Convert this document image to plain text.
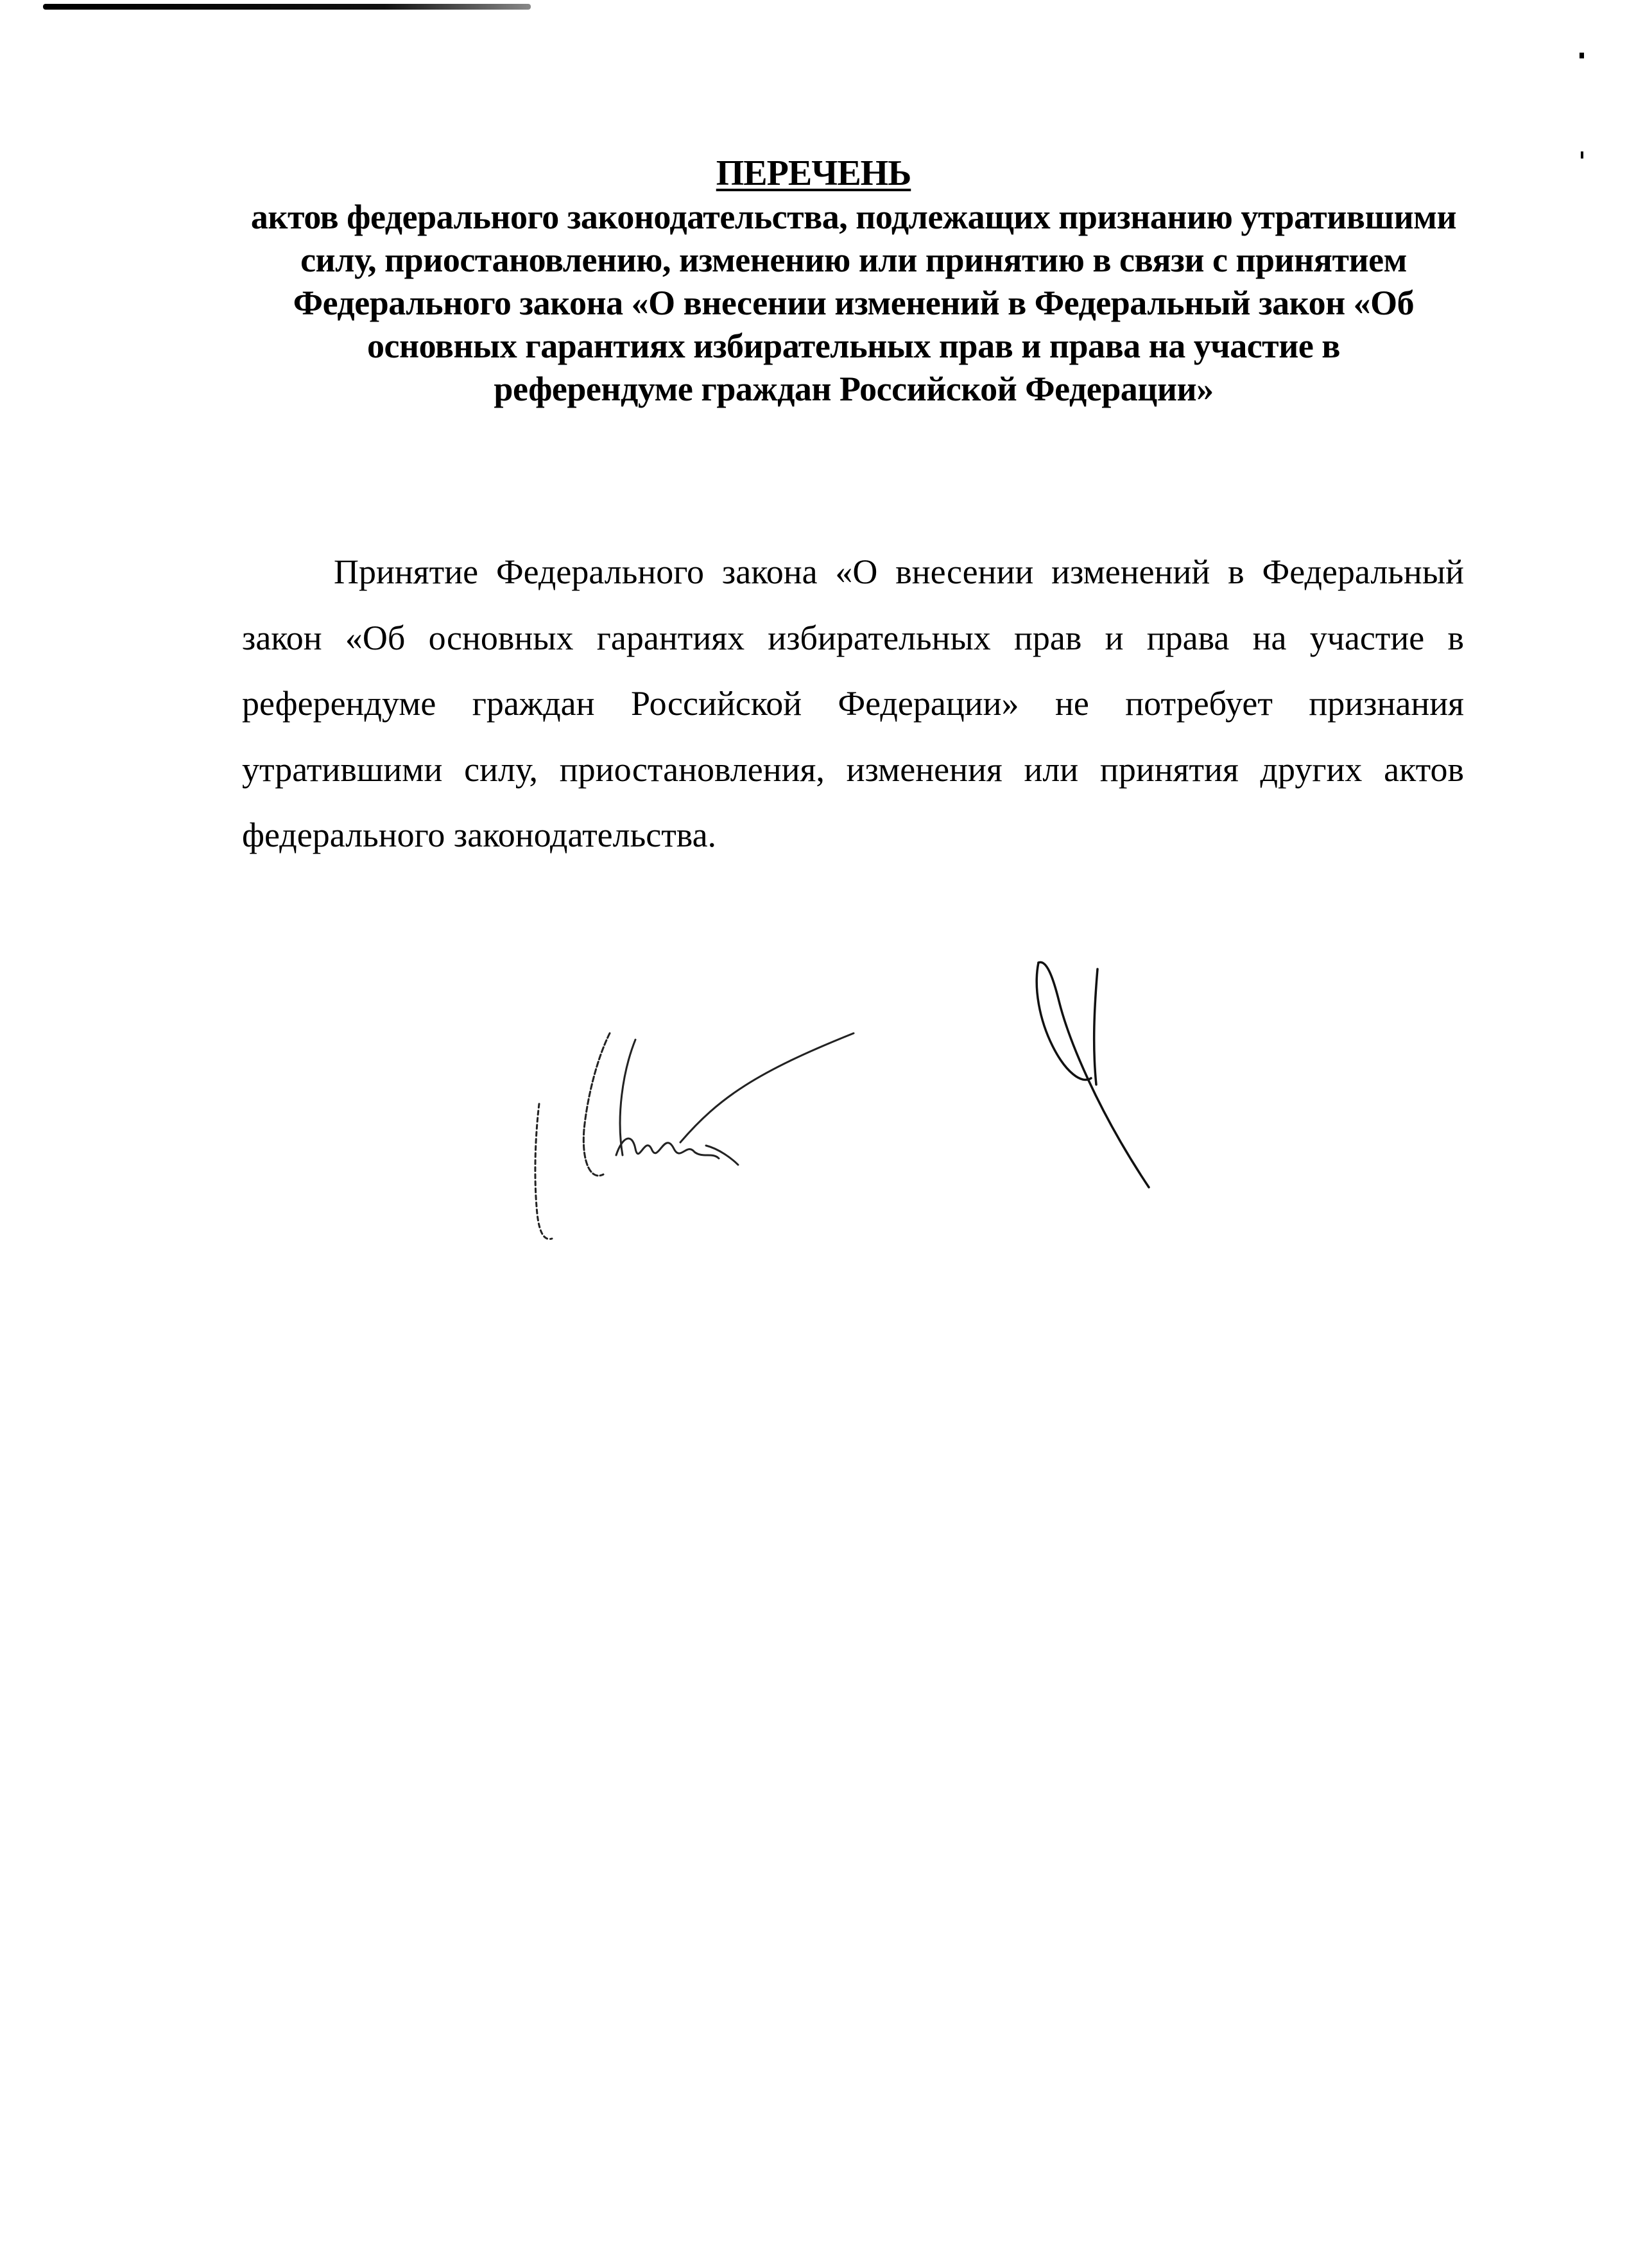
ПЕРЕЧЕНЬ
актов федерального законодательства, подлежащих признанию утратившими
силу, приостановлению, изменению или принятию в связи с принятием
Федерального закона «О внесении изменений в Федеральный закон «Об
основных гарантиях избирательных прав и права на участие в
референдуме граждан Российской Федерации»
Принятие Федерального закона «О внесении изменений в Федеральный
закон «Об основных гарантиях избирательных прав и права на участие в
референдуме граждан Российской Федерации» не потребует признания
утратившими силу, приостановления, изменения или принятия других актов
федерального законодательства.
